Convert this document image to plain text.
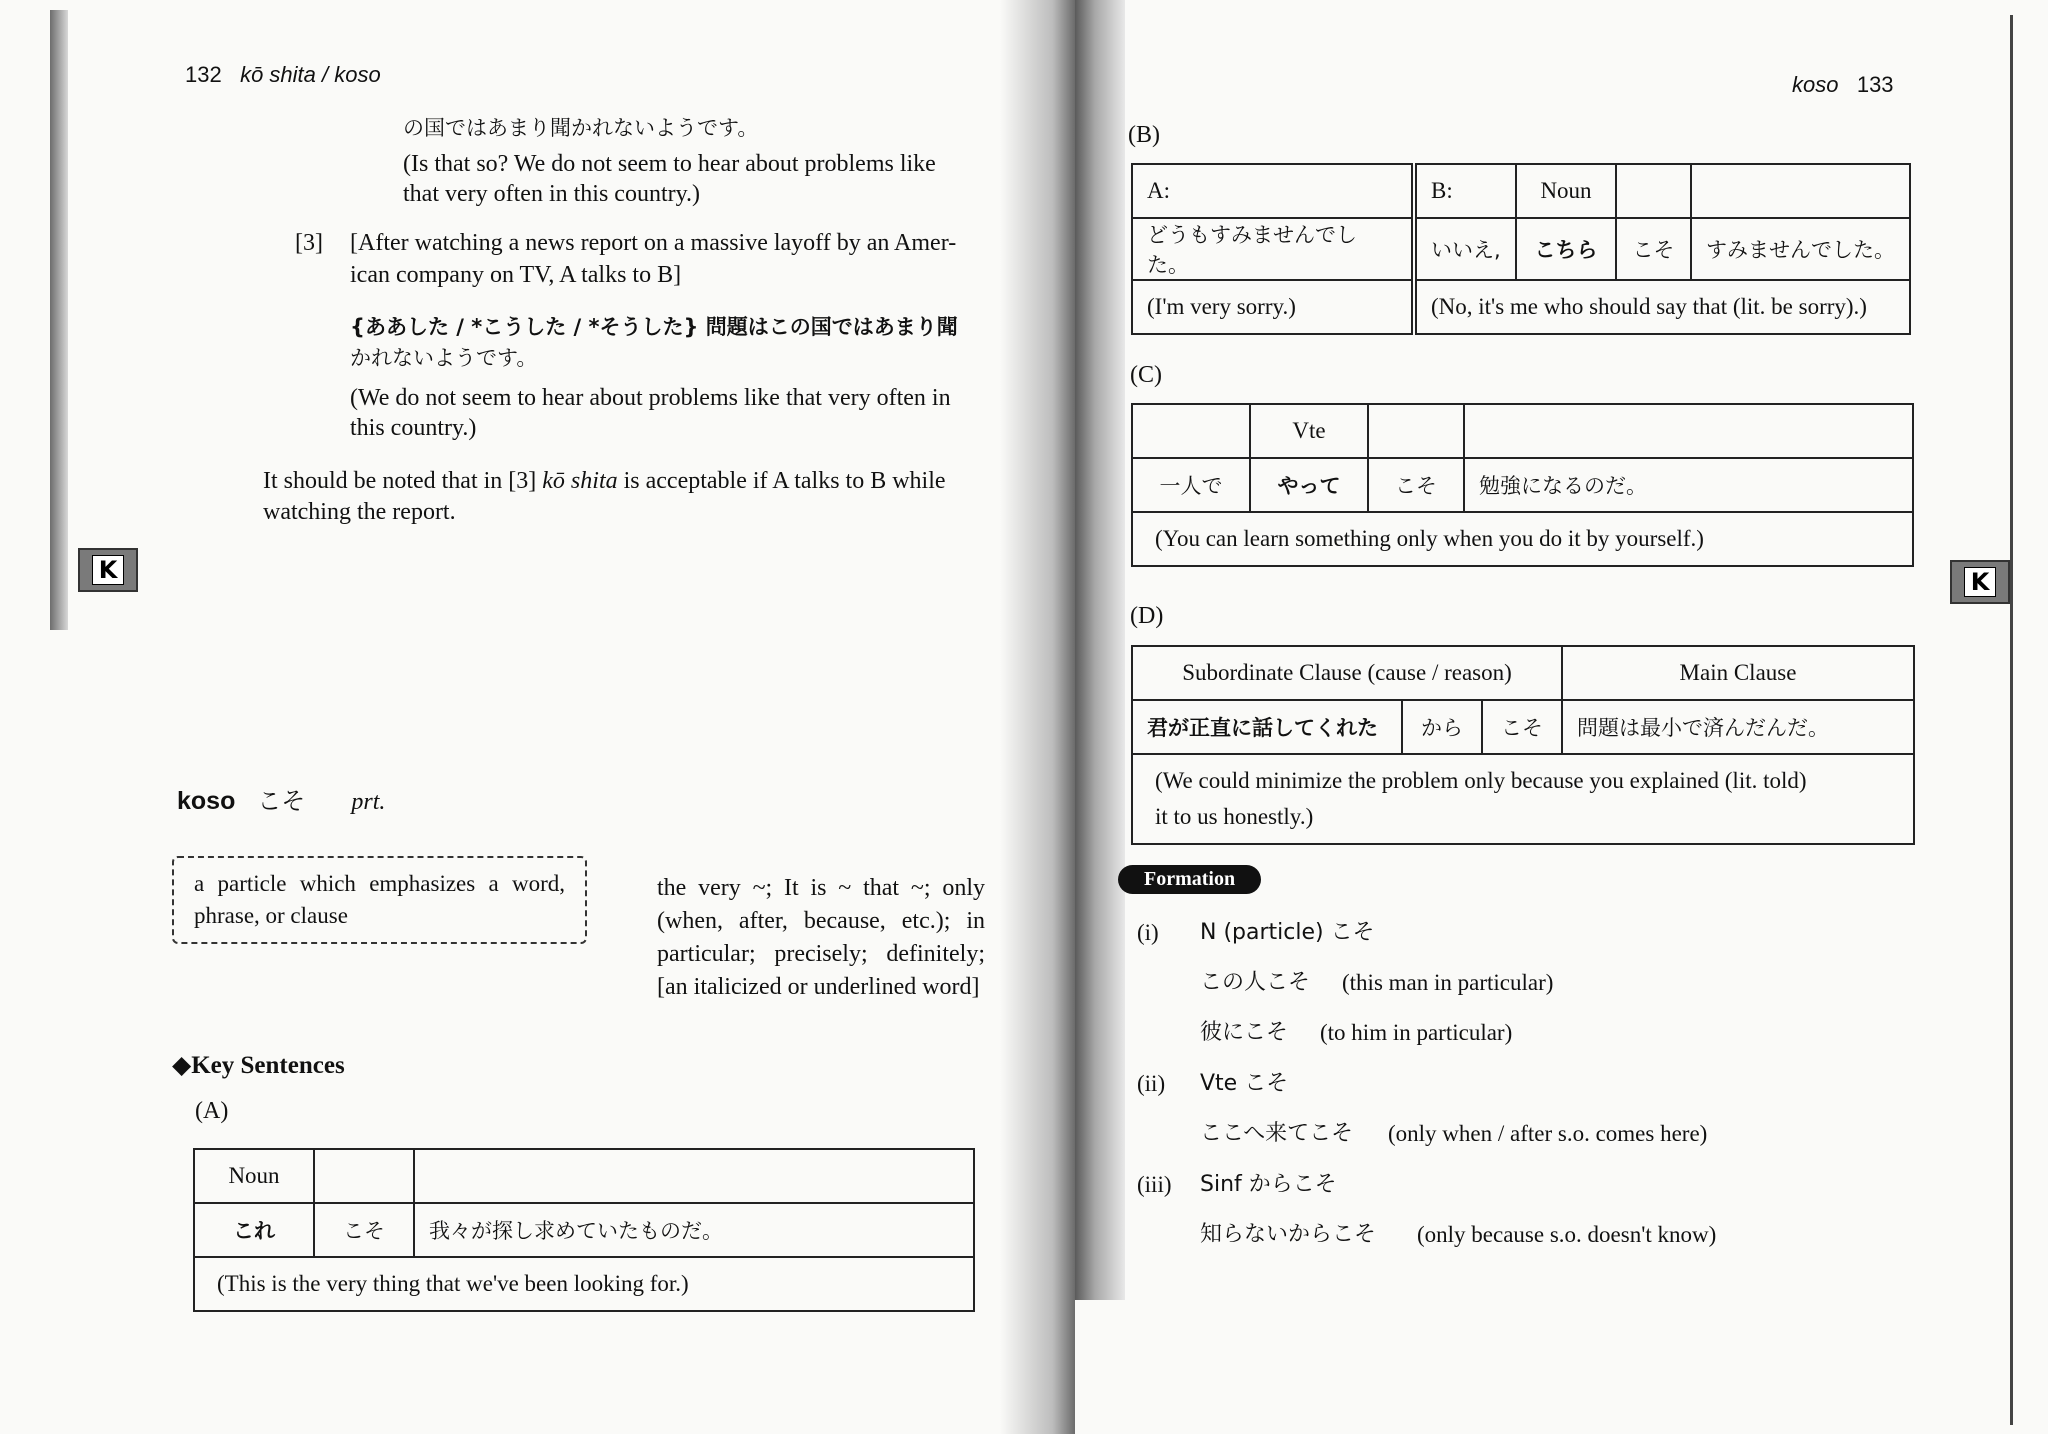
132 kō shita / koso
の国ではあまり聞かれないようです。
(Is that so? We do not seem to hear about problems like
that very often in this country.)
[3] [After watching a news report on a massive layoff by an Amer-
ican company on TV, A talks to B]
{ああした / *こうした / *そうした} 問題はこの国ではあまり聞
かれないようです。
(We do not seem to hear about problems like that very often in
this country.)
It should be noted that in [3] kō shita is acceptable if A talks to B while
watching the report.
K
koso こそ prt.
a particle which emphasizes a word, phrase, or clause
the very ~; It is ~ that ~; only (when, after, because, etc.); in particular; precisely; definitely; [an italicized or underlined word]
◆Key Sentences
(A)
Noun		
これ	こそ	我々が探し求めていたものだ。
(This is the very thing that we've been looking for.)		
koso 133
K
(B)
A:	B:	Noun		
どうもすみませんでした。	いいえ,	こちら	こそ	すみませんでした。
(I'm very sorry.)	(No, it's me who should say that (lit. be sorry).)			
(C)
	Vte		
一人で	やって	こそ	勉強になるのだ。
(You can learn something only when you do it by yourself.)			
(D)
Subordinate Clause (cause / reason)			Main Clause
君が正直に話してくれた	から	こそ	問題は最小で済んだんだ。

(We could minimize the problem only because you explained (lit. told)
it to us honestly.)			
Formation
(i) N (particle) こそ
この人こそ (this man in particular)
彼にこそ (to him in particular)
(ii) Vte こそ
ここへ来てこそ (only when / after s.o. comes here)
(iii) Sinf からこそ
知らないからこそ (only because s.o. doesn't know)
